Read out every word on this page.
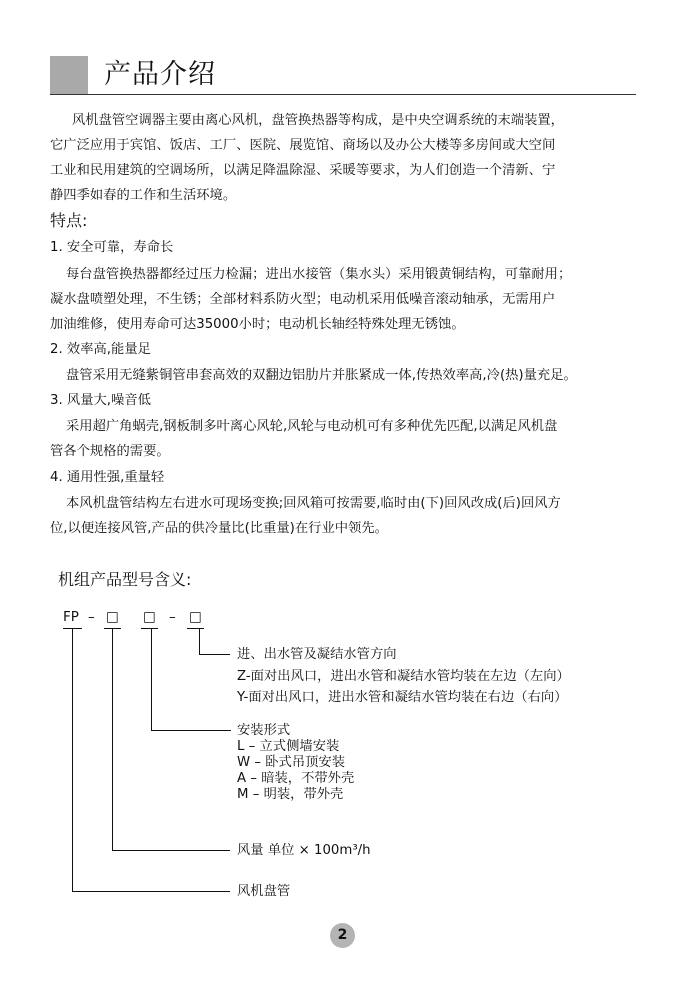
产品介绍
风机盘管空调器主要由离心风机，盘管换热器等构成，是中央空调系统的末端装置，
它广泛应用于宾馆、饭店、工厂、医院、展览馆、商场以及办公大楼等多房间或大空间
工业和民用建筑的空调场所，以满足降温除湿、采暖等要求，为人们创造一个清新、宁
静四季如春的工作和生活环境。
特点:
1. 安全可靠，寿命长
每台盘管换热器都经过压力检漏；进出水接管（集水头）采用锻黄铜结构，可靠耐用；
凝水盘喷塑处理，不生锈；全部材料系防火型；电动机采用低噪音滚动轴承，无需用户
加油维修，使用寿命可达35000小时；电动机长轴经特殊处理无锈蚀。
2. 效率高,能量足
盘管采用无缝紫铜管串套高效的双翻边铝肋片并胀紧成一体,传热效率高,冷(热)量充足。
3. 风量大,噪音低
采用超广角蜗壳,钢板制多叶离心风轮,风轮与电动机可有多种优先匹配,以满足风机盘
管各个规格的需要。
4. 通用性强,重量轻
本风机盘管结构左右进水可现场变换;回风箱可按需要,临时由(下)回风改成(后)回风方
位,以便连接风管,产品的供冷量比(比重量)在行业中领先。
机组产品型号含义:
FP – □ □ – □
进、出水管及凝结水管方向
Z-面对出风口，进出水管和凝结水管均装在左边（左向）
Y-面对出风口，进出水管和凝结水管均装在右边（右向）
安装形式
L – 立式侧墙安装
W – 卧式吊顶安装
A – 暗装，不带外壳
M – 明装，带外壳
风量 单位 × 100m³/h
风机盘管
2
